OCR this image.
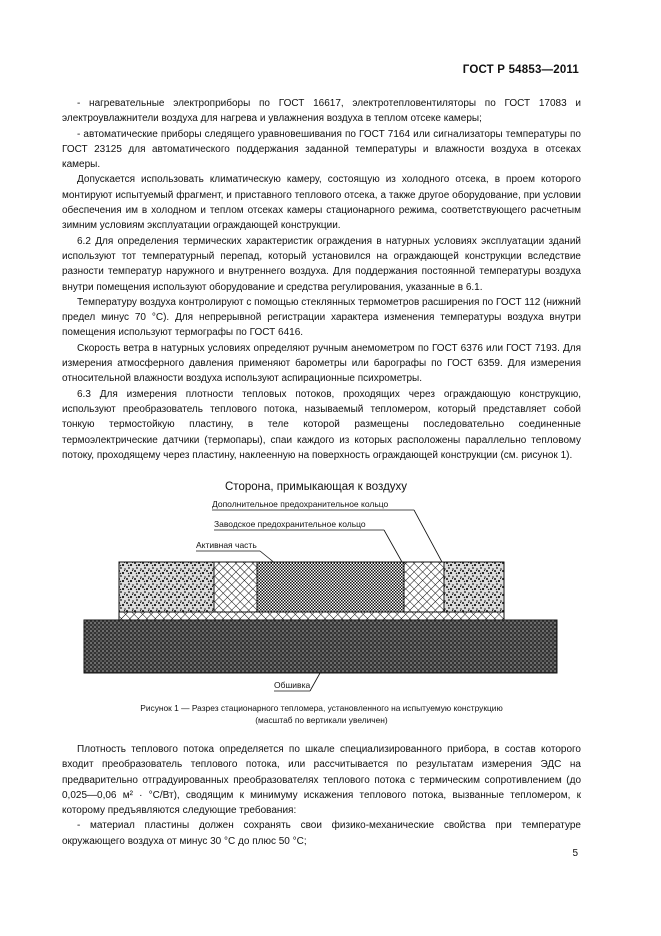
ГОСТ Р 54853—2011

- нагревательные электроприборы по ГОСТ 16617, электротепловентиляторы по ГОСТ 17083 и электроувлажнители воздуха для нагрева и увлажнения воздуха в теплом отсеке камеры;

- автоматические приборы следящего уравновешивания по ГОСТ 7164 или сигнализаторы температуры по ГОСТ 23125 для автоматического поддержания заданной температуры и влажности воздуха в отсеках камеры.

Допускается использовать климатическую камеру, состоящую из холодного отсека, в проем которого монтируют испытуемый фрагмент, и приставного теплового отсека, а также другое оборудование, при условии обеспечения им в холодном и теплом отсеках камеры стационарного режима, соответствующего расчетным зимним условиям эксплуатации ограждающей конструкции.

6.2 Для определения термических характеристик ограждения в натурных условиях эксплуатации зданий используют тот температурный перепад, который установился на ограждающей конструкции вследствие разности температур наружного и внутреннего воздуха. Для поддержания постоянной температуры воздуха внутри помещения используют оборудование и средства регулирования, указанные в 6.1.

Температуру воздуха контролируют с помощью стеклянных термометров расширения по ГОСТ 112 (нижний предел минус 70 °С). Для непрерывной регистрации характера изменения температуры воздуха внутри помещения используют термографы по ГОСТ 6416.

Скорость ветра в натурных условиях определяют ручным анемометром по ГОСТ 6376 или ГОСТ 7193. Для измерения атмосферного давления применяют барометры или барографы по ГОСТ 6359. Для измерения относительной влажности воздуха используют аспирационные психрометры.

6.3 Для измерения плотности тепловых потоков, проходящих через ограждающую конструкцию, используют преобразователь теплового потока, называемый тепломером, который представляет собой тонкую термостойкую пластину, в теле которой размещены последовательно соединенные термоэлектрические датчики (термопары), спаи каждого из которых расположены параллельно тепловому потоку, проходящему через пластину, наклеенную на поверхность ограждающей конструкции (см. рисунок 1).

Сторона, примыкающая к воздуху
Дополнительное предохранительное кольцо
Заводское предохранительное кольцо
Активная часть
Обшивка
Рисунок 1 — Разрез стационарного тепломера, установленного на испытуемую конструкцию
(масштаб по вертикали увеличен)

Плотность теплового потока определяется по шкале специализированного прибора, в состав которого входит преобразователь теплового потока, или рассчитывается по результатам измерения ЭДС на предварительно отградуированных преобразователях теплового потока с термическим сопротивлением (до 0,025—0,06 м² · °С/Вт), сводящим к минимуму искажения теплового потока, вызванные тепломером, к которому предъявляются следующие требования:

- материал пластины должен сохранять свои физико-механические свойства при температуре окружающего воздуха от минус 30 °С до плюс 50 °С;

5
